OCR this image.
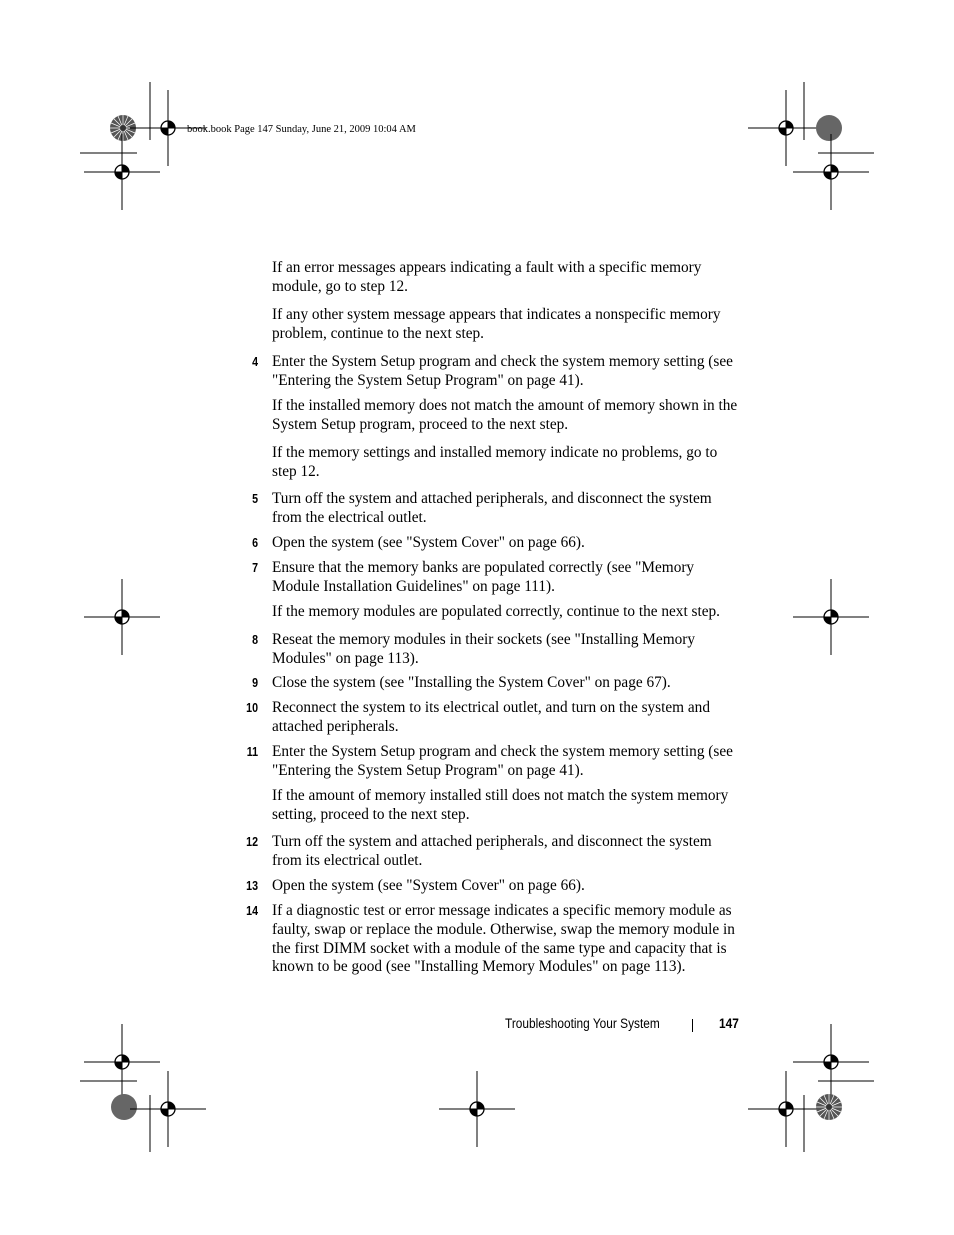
book.book Page 147 Sunday, June 21, 2009 10:04 AM
If an error messages appears indicating a fault with a specific memory module, go to step 12.
If any other system message appears that indicates a nonspecific memory problem, continue to the next step.
4 Enter the System Setup program and check the system memory setting (see "Entering the System Setup Program" on page 41).
If the installed memory does not match the amount of memory shown in the System Setup program, proceed to the next step.
If the memory settings and installed memory indicate no problems, go to step 12.
5 Turn off the system and attached peripherals, and disconnect the system from the electrical outlet.
6 Open the system (see "System Cover" on page 66).
7 Ensure that the memory banks are populated correctly (see "Memory Module Installation Guidelines" on page 111).
If the memory modules are populated correctly, continue to the next step.
8 Reseat the memory modules in their sockets (see "Installing Memory Modules" on page 113).
9 Close the system (see "Installing the System Cover" on page 67).
10 Reconnect the system to its electrical outlet, and turn on the system and attached peripherals.
11 Enter the System Setup program and check the system memory setting (see "Entering the System Setup Program" on page 41).
If the amount of memory installed still does not match the system memory setting, proceed to the next step.
12 Turn off the system and attached peripherals, and disconnect the system from its electrical outlet.
13 Open the system (see "System Cover" on page 66).
14 If a diagnostic test or error message indicates a specific memory module as faulty, swap or replace the module. Otherwise, swap the memory module in the first DIMM socket with a module of the same type and capacity that is known to be good (see "Installing Memory Modules" on page 113).
Troubleshooting Your System	147
